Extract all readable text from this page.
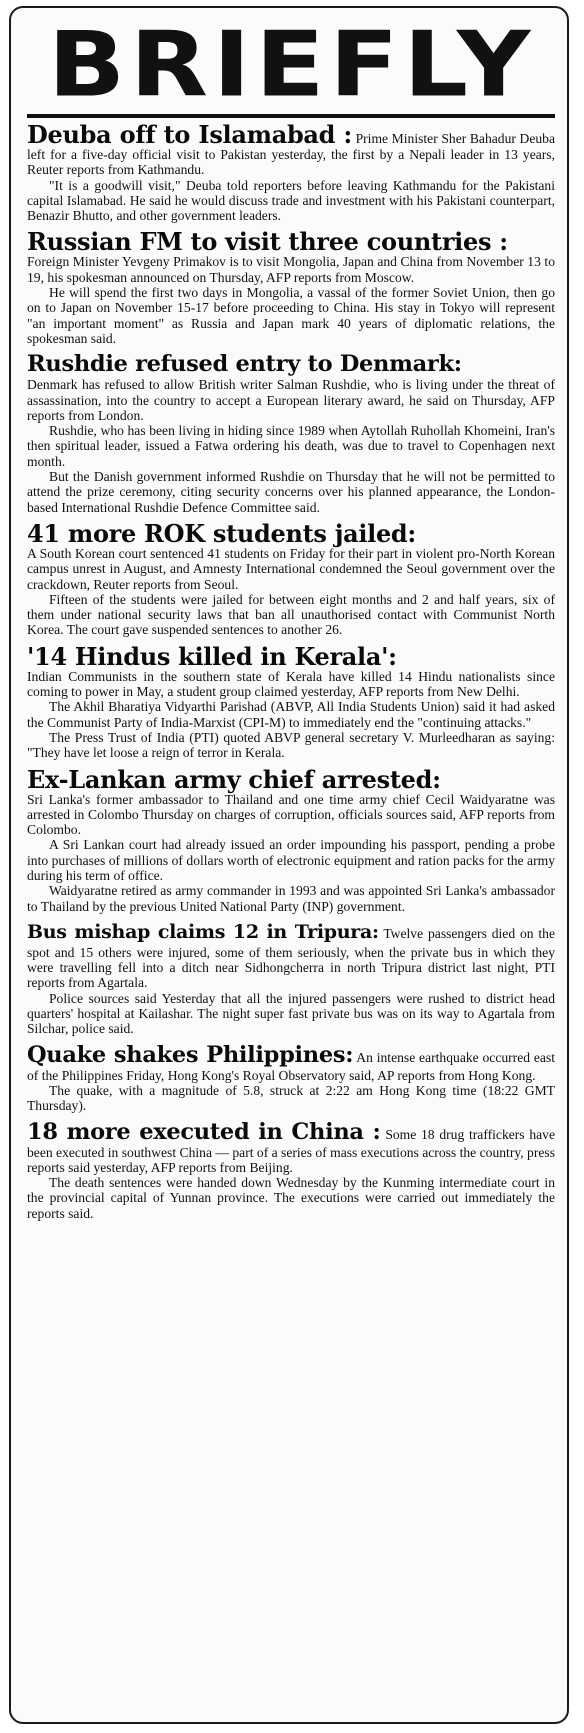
BRIEFLY

Deuba off to Islamabad : Prime Minister Sher Bahadur Deuba left for a five-day official visit to Pakistan yesterday, the first by a Nepali leader in 13 years, Reuter reports from Kathmandu.

"It is a goodwill visit," Deuba told reporters before leaving Kathmandu for the Pakistani capital Islamabad. He said he would discuss trade and investment with his Pakistani counterpart, Benazir Bhutto, and other government leaders.

Russian FM to visit three countries :

Foreign Minister Yevgeny Primakov is to visit Mongolia, Japan and China from November 13 to 19, his spokesman announced on Thursday, AFP reports from Moscow.

He will spend the first two days in Mongolia, a vassal of the former Soviet Union, then go on to Japan on November 15-17 before proceeding to China. His stay in Tokyo will represent "an important moment" as Russia and Japan mark 40 years of diplomatic relations, the spokesman said.

Rushdie refused entry to Denmark:

Denmark has refused to allow British writer Salman Rushdie, who is living under the threat of assassination, into the country to accept a European literary award, he said on Thursday, AFP reports from London.

Rushdie, who has been living in hiding since 1989 when Aytollah Ruhollah Khomeini, Iran's then spiritual leader, issued a Fatwa ordering his death, was due to travel to Copenhagen next month.

But the Danish government informed Rushdie on Thursday that he will not be permitted to attend the prize ceremony, citing security concerns over his planned appearance, the London-based International Rushdie Defence Committee said.

41 more ROK students jailed:

A South Korean court sentenced 41 students on Friday for their part in violent pro-North Korean campus unrest in August, and Amnesty International condemned the Seoul government over the crackdown, Reuter reports from Seoul.

Fifteen of the students were jailed for between eight months and 2 and half years, six of them under national security laws that ban all unauthorised contact with Communist North Korea. The court gave suspended sentences to another 26.

'14 Hindus killed in Kerala':

Indian Communists in the southern state of Kerala have killed 14 Hindu nationalists since coming to power in May, a student group claimed yesterday, AFP reports from New Delhi.

The Akhil Bharatiya Vidyarthi Parishad (ABVP, All India Students Union) said it had asked the Communist Party of India-Marxist (CPI-M) to immediately end the "continuing attacks."

The Press Trust of India (PTI) quoted ABVP general secretary V. Murleedharan as saying: "They have let loose a reign of terror in Kerala.

Ex-Lankan army chief arrested:

Sri Lanka's former ambassador to Thailand and one time army chief Cecil Waidyaratne was arrested in Colombo Thursday on charges of corruption, officials sources said, AFP reports from Colombo.

A Sri Lankan court had already issued an order impounding his passport, pending a probe into purchases of millions of dollars worth of electronic equipment and ration packs for the army during his term of office.

Waidyaratne retired as army commander in 1993 and was appointed Sri Lanka's ambassador to Thailand by the previous United National Party (INP) government.

Bus mishap claims 12 in Tripura: Twelve passengers died on the spot and 15 others were injured, some of them seriously, when the private bus in which they were travelling fell into a ditch near Sidhongcherra in north Tripura district last night, PTI reports from Agartala.

Police sources said Yesterday that all the injured passengers were rushed to district head quarters' hospital at Kailashar. The night super fast private bus was on its way to Agartala from Silchar, police said.

Quake shakes Philippines: An intense earthquake occurred east of the Philippines Friday, Hong Kong's Royal Observatory said, AP reports from Hong Kong.

The quake, with a magnitude of 5.8, struck at 2:22 am Hong Kong time (18:22 GMT Thursday).

18 more executed in China : Some 18 drug traffickers have been executed in southwest China — part of a series of mass executions across the country, press reports said yesterday, AFP reports from Beijing.

The death sentences were handed down Wednesday by the Kunming intermediate court in the provincial capital of Yunnan province. The executions were carried out immediately the reports said.
